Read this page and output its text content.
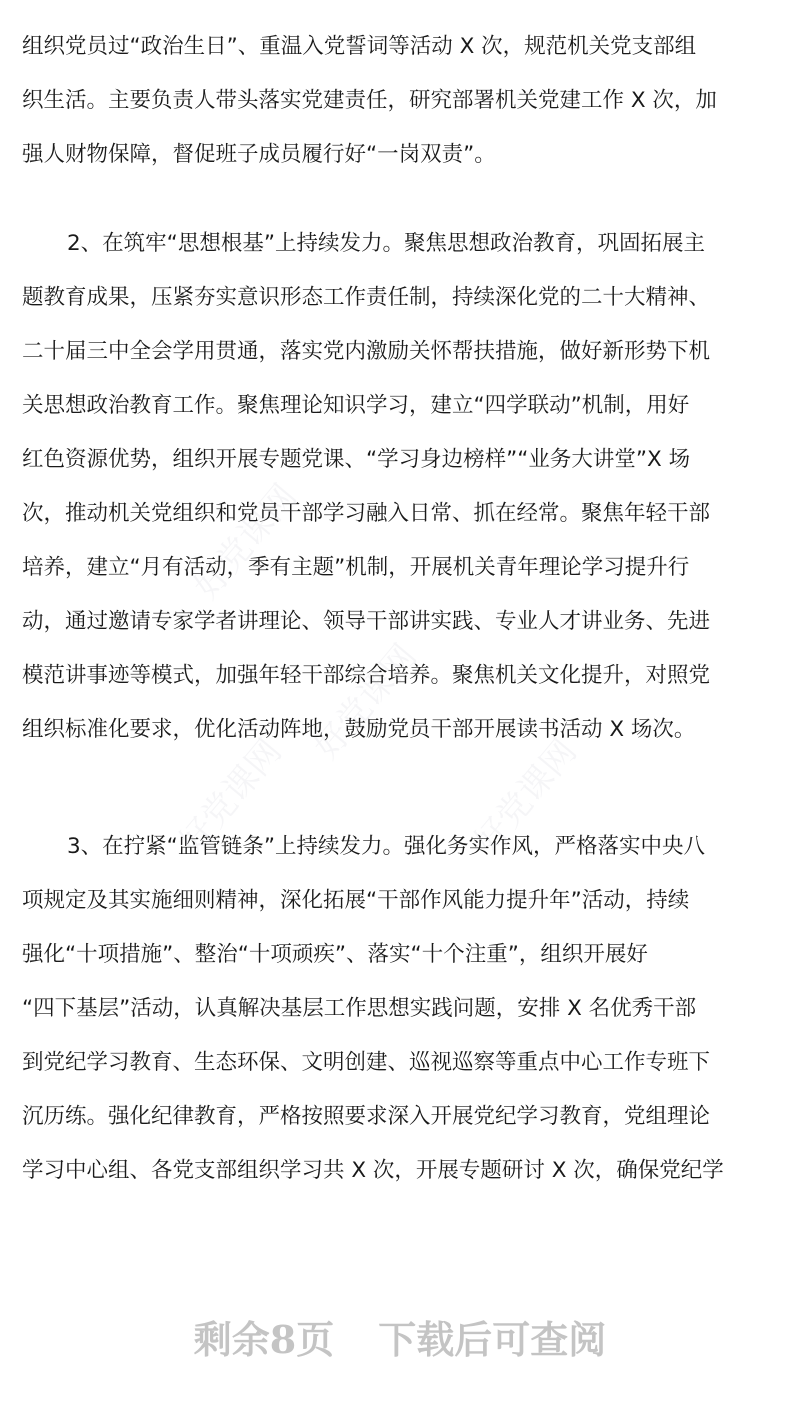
组织党员过“政治生日”、重温入党誓词等活动 X 次，规范机关党支部组
织生活。主要负责人带头落实党建责任，研究部署机关党建工作 X 次，加
强人财物保障，督促班子成员履行好“一岗双责”。
2、在筑牢“思想根基”上持续发力。聚焦思想政治教育，巩固拓展主
题教育成果，压紧夯实意识形态工作责任制，持续深化党的二十大精神、
二十届三中全会学用贯通，落实党内激励关怀帮扶措施，做好新形势下机
关思想政治教育工作。聚焦理论知识学习，建立“四学联动”机制，用好
红色资源优势，组织开展专题党课、“学习身边榜样”“业务大讲堂”X 场
次，推动机关党组织和党员干部学习融入日常、抓在经常。聚焦年轻干部
培养，建立“月有活动，季有主题”机制，开展机关青年理论学习提升行
动，通过邀请专家学者讲理论、领导干部讲实践、专业人才讲业务、先进
模范讲事迹等模式，加强年轻干部综合培养。聚焦机关文化提升，对照党
组织标准化要求，优化活动阵地，鼓励党员干部开展读书活动 X 场次。
3、在拧紧“监管链条”上持续发力。强化务实作风，严格落实中央八
项规定及其实施细则精神，深化拓展“干部作风能力提升年”活动，持续
强化“十项措施”、整治“十项顽疾”、落实“十个注重”，组织开展好
“四下基层”活动，认真解决基层工作思想实践问题，安排 X 名优秀干部
到党纪学习教育、生态环保、文明创建、巡视巡察等重点中心工作专班下
沉历练。强化纪律教育，严格按照要求深入开展党纪学习教育，党组理论
学习中心组、各党支部组织学习共 X 次，开展专题研讨 X 次，确保党纪学
好党课网
好党课网
好党课网	好党课网
剩余8页 下载后可查阅
